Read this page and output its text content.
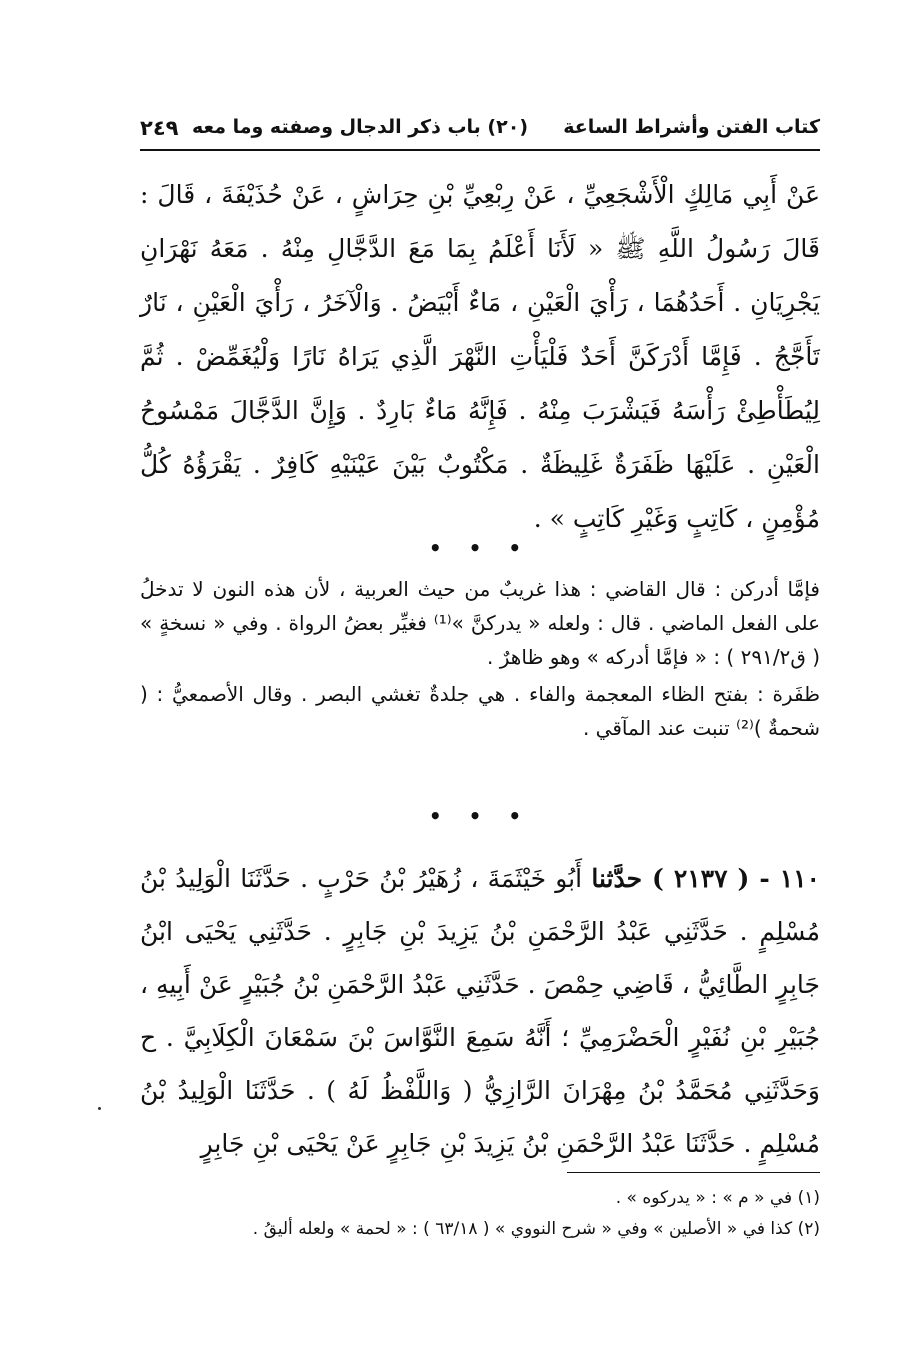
كتاب الفتن وأشراط الساعة
(٢٠) باب ذكر الدجال وصفته وما معه
٢٤٩
عَنْ أَبِي مَالِكٍ الْأَشْجَعِيِّ ، عَنْ رِبْعِيِّ بْنِ حِرَاشٍ ، عَنْ حُذَيْفَةَ ، قَالَ : قَالَ رَسُولُ اللَّهِ ﷺ « لَأَنَا أَعْلَمُ بِمَا مَعَ الدَّجَّالِ مِنْهُ . مَعَهُ نَهْرَانِ يَجْرِيَانِ . أَحَدُهُمَا ، رَأْيَ الْعَيْنِ ، مَاءٌ أَبْيَضُ . وَالْآخَرُ ، رَأْيَ الْعَيْنِ ، نَارٌ تَأَجَّجُ . فَإِمَّا أَدْرَكَنَّ أَحَدٌ فَلْيَأْتِ النَّهْرَ الَّذِي يَرَاهُ نَارًا وَلْيُغَمِّضْ . ثُمَّ لِيُطَأْطِئْ رَأْسَهُ فَيَشْرَبَ مِنْهُ . فَإِنَّهُ مَاءٌ بَارِدٌ . وَإِنَّ الدَّجَّالَ مَمْسُوحُ الْعَيْنِ . عَلَيْهَا ظَفَرَةٌ غَلِيظَةٌ . مَكْتُوبٌ بَيْنَ عَيْنَيْهِ كَافِرٌ . يَقْرَؤُهُ كُلُّ مُؤْمِنٍ ، كَاتِبٍ وَغَيْرِ كَاتِبٍ » .
• • •

فإمَّا أدركن : قال القاضي : هذا غريبٌ من حيث العربية ، لأن هذه النون لا تدخلُ على الفعل الماضي . قال : ولعله « يدركنَّ »⁽¹⁾ فغيِّر بعضُ الرواة . وفي « نسخةٍ » ( ق٢٩١/٢ ) : « فإمَّا أدركه » وهو ظاهرٌ .

ظفَرة : بفتح الظاء المعجمة والفاء . هي جلدةٌ تغشي البصر . وقال الأصمعيُّ : ( شحمةٌ )⁽²⁾ تنبت عند المآقي .

• • •
١١٠ - ( ٢١٣٧ ) حدَّثنا أَبُو خَيْثَمَةَ ، زُهَيْرُ بْنُ حَرْبٍ . حَدَّثَنَا الْوَلِيدُ بْنُ مُسْلِمٍ . حَدَّثَنِي عَبْدُ الرَّحْمَنِ بْنُ يَزِيدَ بْنِ جَابِرٍ . حَدَّثَنِي يَحْيَى ابْنُ جَابِرٍ الطَّائِيُّ ، قَاضِي حِمْصَ . حَدَّثَنِي عَبْدُ الرَّحْمَنِ بْنُ جُبَيْرٍ عَنْ أَبِيهِ ، جُبَيْرِ بْنِ نُفَيْرٍ الْحَضْرَمِيِّ ؛ أَنَّهُ سَمِعَ النَّوَّاسَ بْنَ سَمْعَانَ الْكِلَابِيَّ . ح وَحَدَّثَنِي مُحَمَّدُ بْنُ مِهْرَانَ الرَّازِيُّ ( وَاللَّفْظُ لَهُ ) . حَدَّثَنَا الْوَلِيدُ بْنُ مُسْلِمٍ . حَدَّثَنَا عَبْدُ الرَّحْمَنِ بْنُ يَزِيدَ بْنِ جَابِرٍ عَنْ يَحْيَى بْنِ جَابِرٍ

(١) في « م » : « يدركوه » .

(٢) كذا في « الأصلين » وفي « شرح النووي » ( ٦٣/١٨ ) : « لحمة » ولعله أليقُ .
